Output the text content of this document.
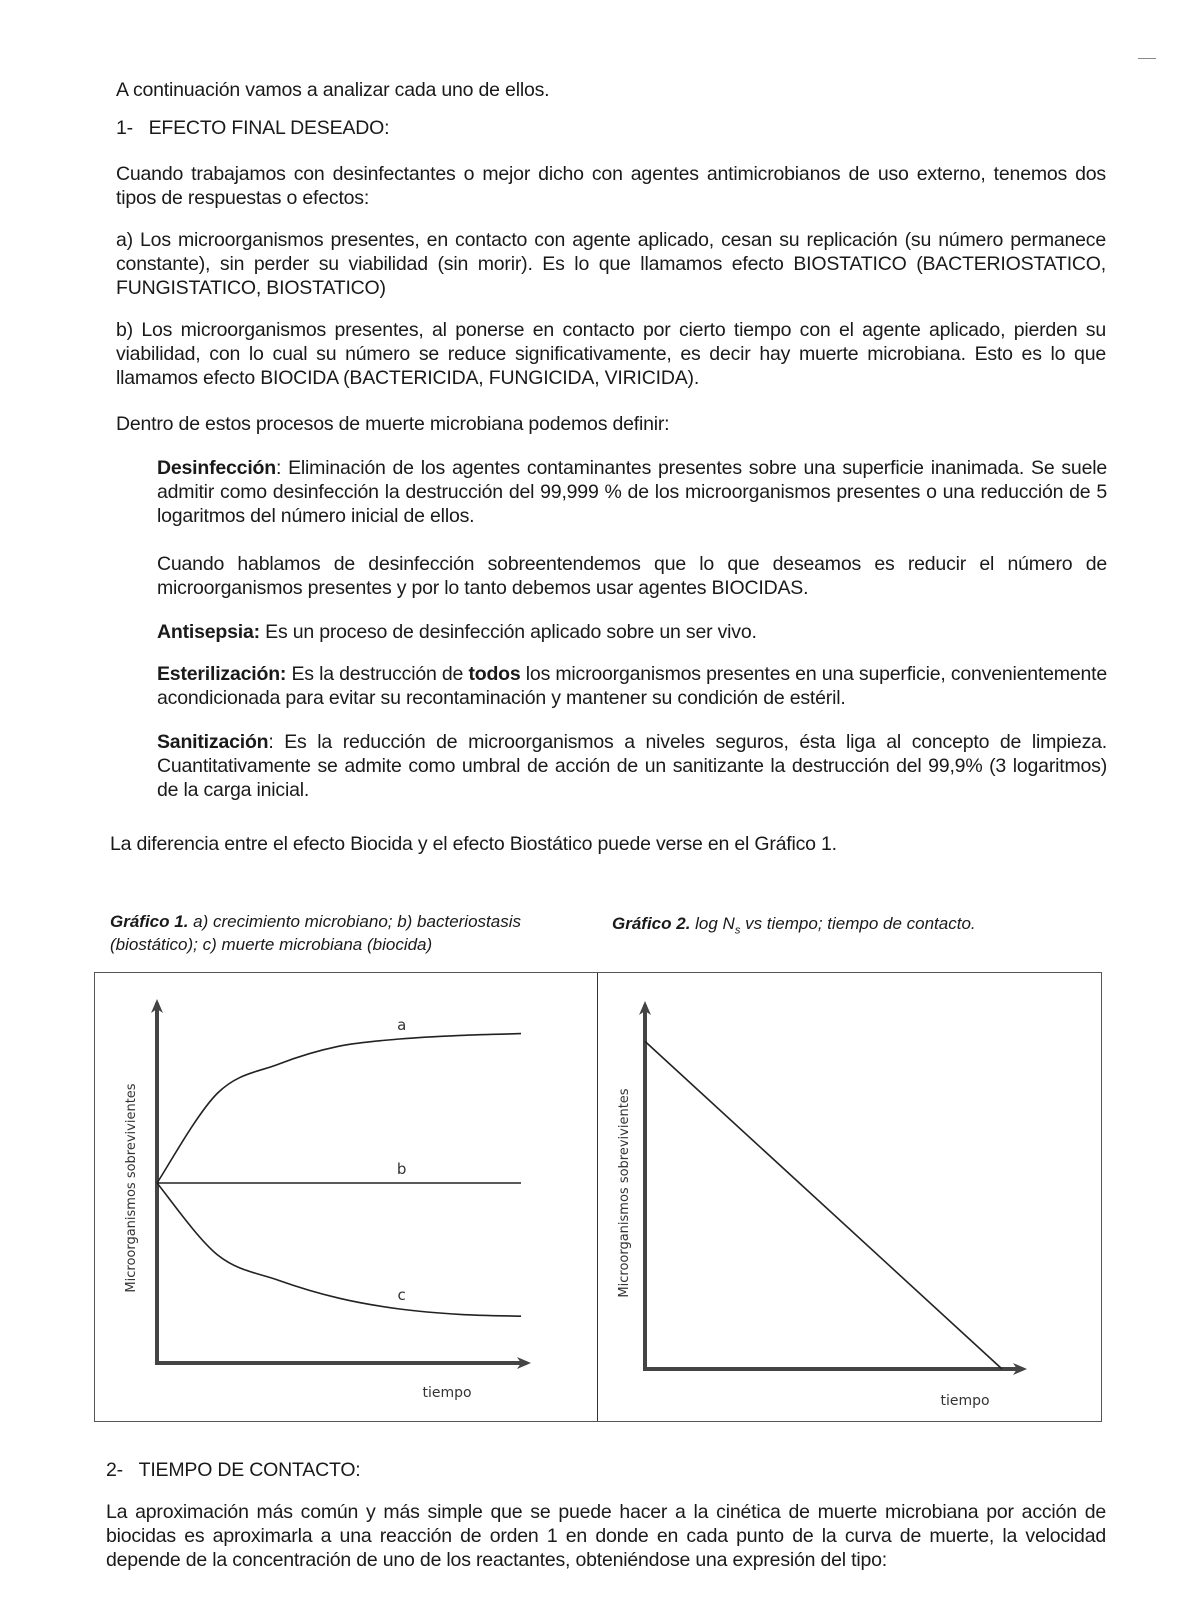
A continuación vamos a analizar cada uno de ellos.

1- EFECTO FINAL DESEADO:

Cuando trabajamos con desinfectantes o mejor dicho con agentes antimicrobianos de uso externo, tenemos dos tipos de respuestas o efectos:

a) Los microorganismos presentes, en contacto con agente aplicado, cesan su replicación (su número permanece constante), sin perder su viabilidad (sin morir). Es lo que llamamos efecto BIOSTATICO (BACTERIOSTATICO, FUNGISTATICO, BIOSTATICO)

b) Los microorganismos presentes, al ponerse en contacto por cierto tiempo con el agente aplicado, pierden su viabilidad, con lo cual su número se reduce significativamente, es decir hay muerte microbiana. Esto es lo que llamamos efecto BIOCIDA (BACTERICIDA, FUNGICIDA, VIRICIDA).

Dentro de estos procesos de muerte microbiana podemos definir:

Desinfección: Eliminación de los agentes contaminantes presentes sobre una superficie inanimada. Se suele admitir como desinfección la destrucción del 99,999 % de los microorganismos presentes o una reducción de 5 logaritmos del número inicial de ellos.

Cuando hablamos de desinfección sobreentendemos que lo que deseamos es reducir el número de microorganismos presentes y por lo tanto debemos usar agentes BIOCIDAS.

Antisepsia: Es un proceso de desinfección aplicado sobre un ser vivo.

Esterilización: Es la destrucción de todos los microorganismos presentes en una superficie, convenientemente acondicionada para evitar su recontaminación y mantener su condición de estéril.

Sanitización: Es la reducción de microorganismos a niveles seguros, ésta liga al concepto de limpieza. Cuantitativamente se admite como umbral de acción de un sanitizante la destrucción del 99,9% (3 logaritmos) de la carga inicial.

La diferencia entre el efecto Biocida y el efecto Biostático puede verse en el Gráfico 1.

Gráfico 1. a) crecimiento microbiano; b) bacteriostasis (biostático); c) muerte microbiana (biocida)

Gráfico 2. $\log N_s$ vs tiempo; tiempo de contacto.

Microorganismos sobrevivientes
tiempo
a
b
c	Microorganismos sobrevivientes
tiempo

2- TIEMPO DE CONTACTO:

La aproximación más común y más simple que se puede hacer a la cinética de muerte microbiana por acción de biocidas es aproximarla a una reacción de orden 1 en donde en cada punto de la curva de muerte, la velocidad depende de la concentración de uno de los reactantes, obteniéndose una expresión del tipo:
